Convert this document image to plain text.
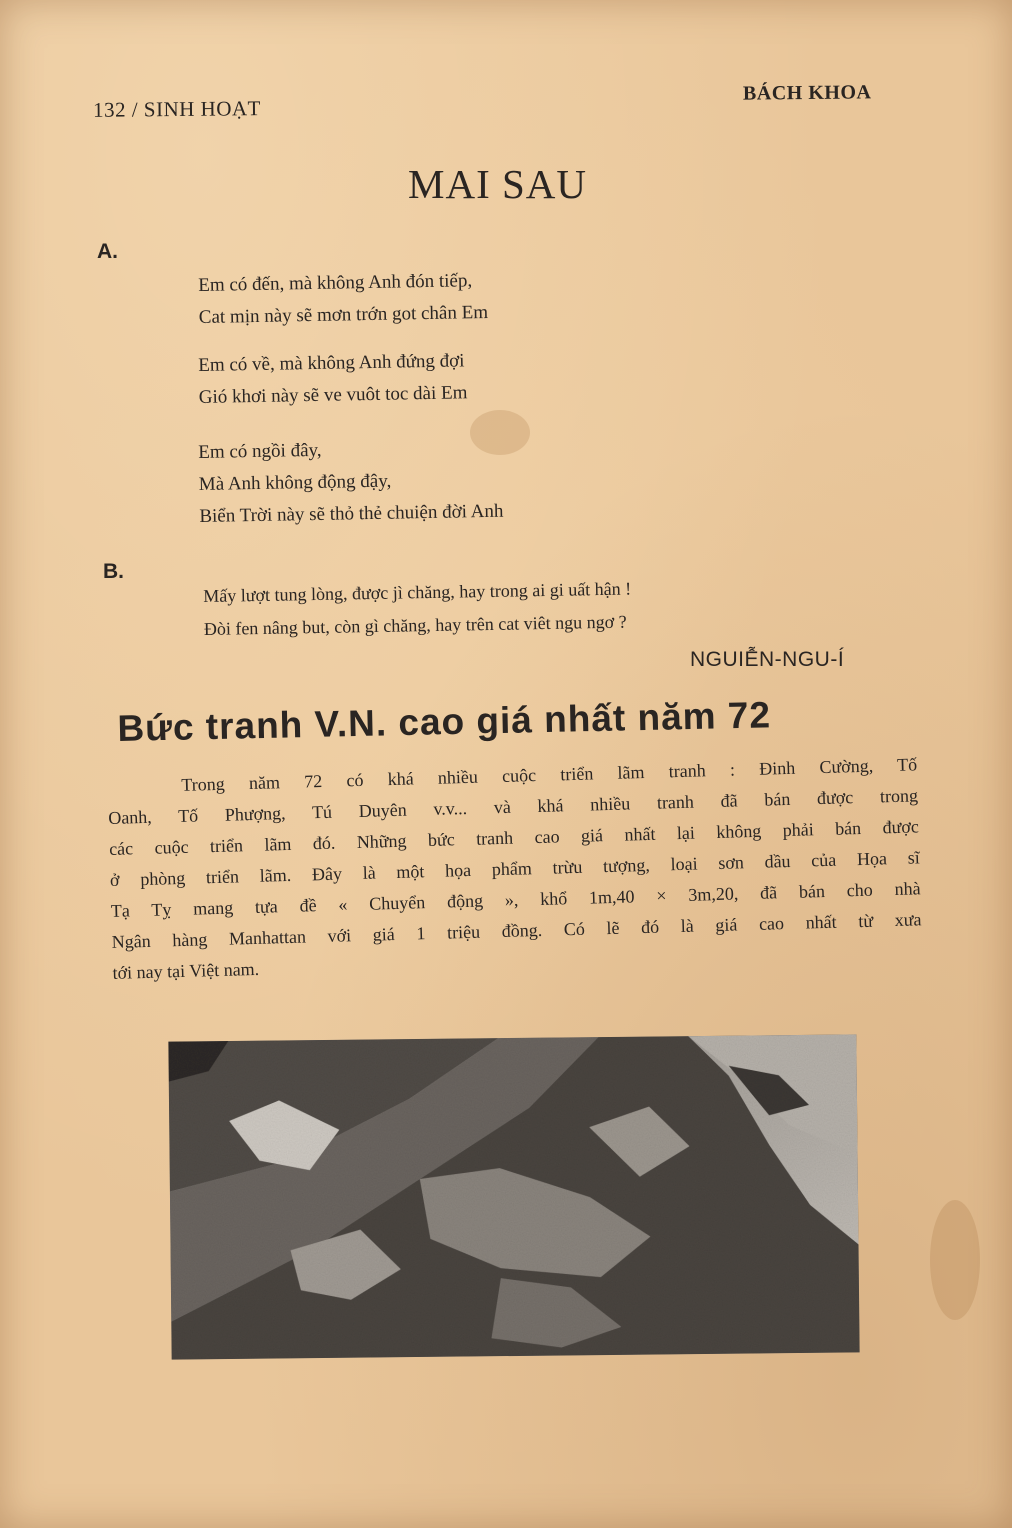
132 / SINH HOẠT
BÁCH KHOA
MAI SAU
A.
Em có đến, mà không Anh đón tiếp,
Cat mịn này sẽ mơn trớn got chân Em
Em có về, mà không Anh đứng đợi
Gió khơi này sẽ ve vuôt toc dài Em
Em có ngồi đây,
Mà Anh không động đậy,
Biển Trời này sẽ thỏ thẻ chuiện đời Anh
B.
Mấy lượt tung lòng, được jì chăng, hay trong ai gi uất hận !
Đòi fen nâng but, còn gì chăng, hay trên cat viêt ngu ngơ ?
NGUIỄN-NGU-Í
Bức tranh V.N. cao giá nhất năm 72
Trong năm 72 có khá nhiều cuộc triển lãm tranh : Đinh Cường, Tố
Oanh, Tố Phượng, Tú Duyên v.v... và khá nhiều tranh đã bán được trong
các cuộc triển lãm đó. Những bức tranh cao giá nhất lại không phải bán được
ở phòng triển lãm. Đây là một họa phẩm trừu tượng, loại sơn dầu của Họa sĩ
Tạ Tỵ mang tựa đề « Chuyển động », khổ 1m,40 × 3m,20, đã bán cho nhà
Ngân hàng Manhattan với giá 1 triệu đồng. Có lẽ đó là giá cao nhất từ xưa
tới nay tại Việt nam.
